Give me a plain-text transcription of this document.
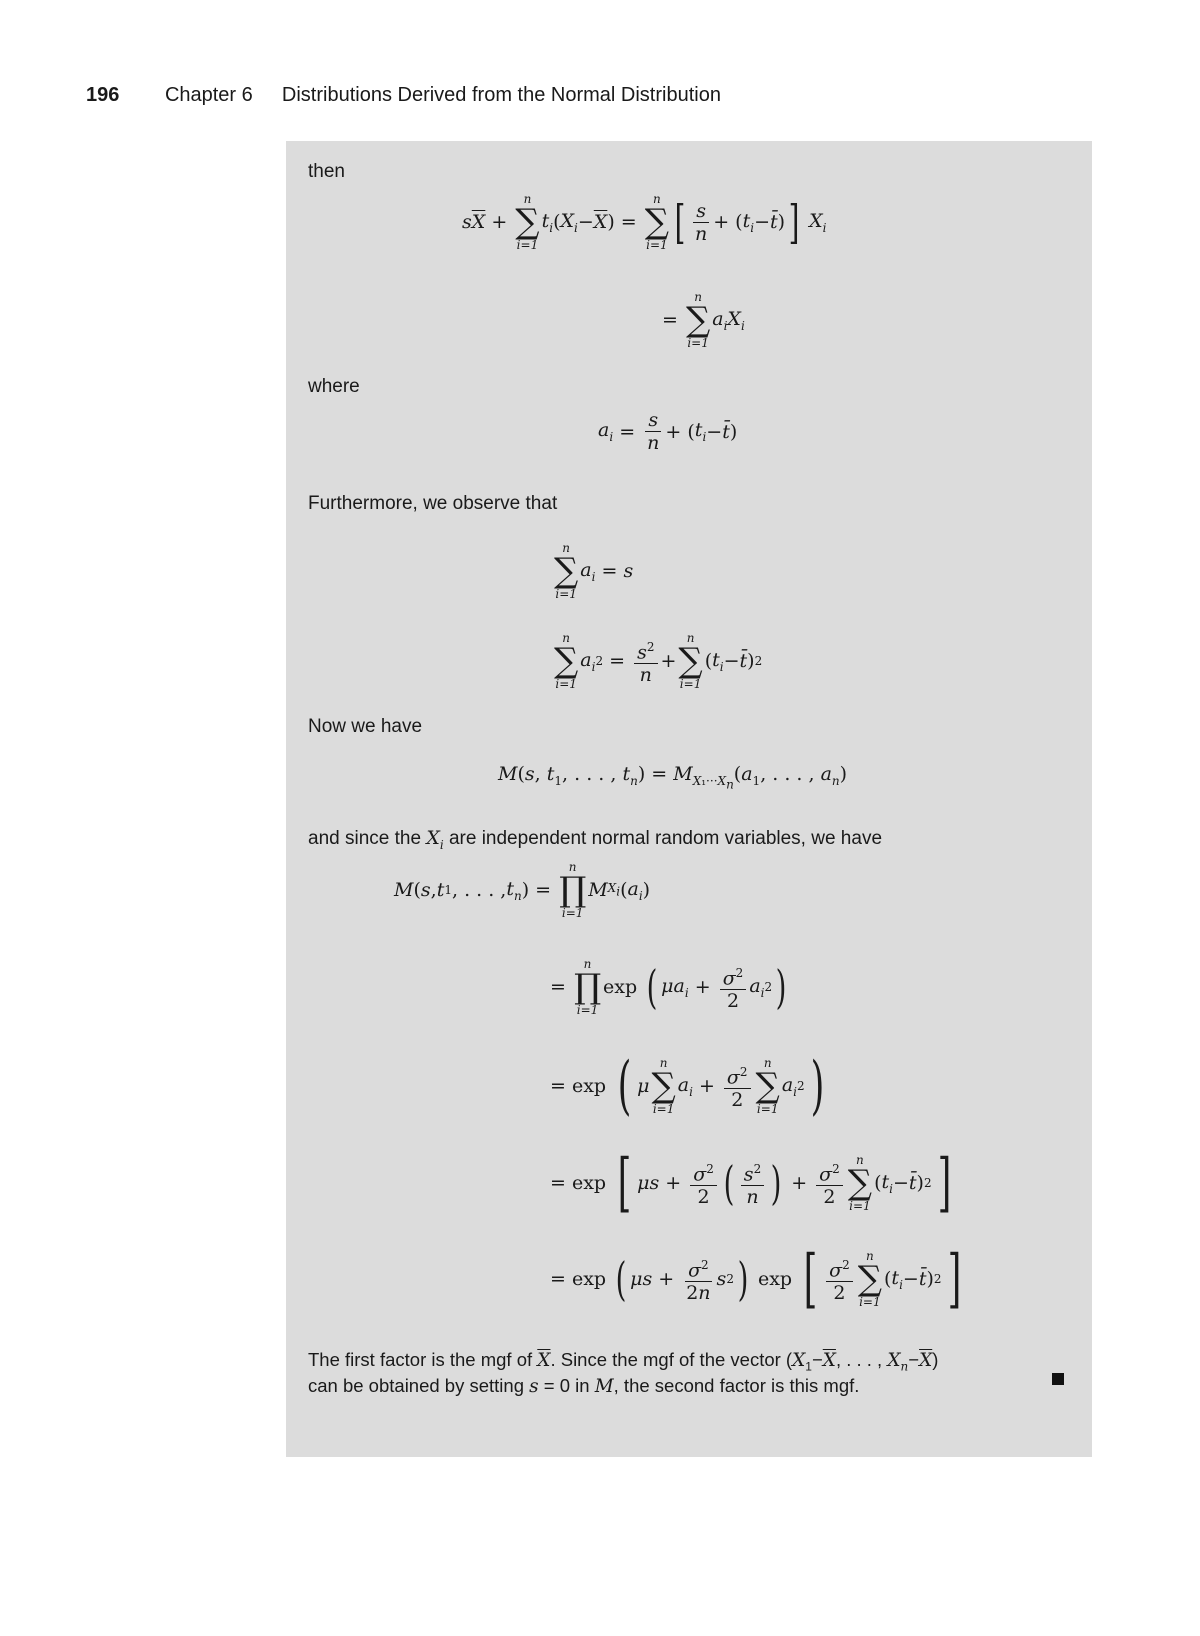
196 Chapter 6 Distributions Derived from the Normal Distribution
then
s $\overline{X}$ +
n
∑
i=1
$t_i$ ( $X_i - \overline{X}$ ) =
n
∑
i=1 [ $\frac{s}{n}$ + ( $t_i$ − t̄ ) ]
$X_i$
=
n
∑
i=1
$a_iX_i$
where
$a_i = \frac{s}{n}$ + ( $t_i$ − t̄ )
Furthermore, we observe that
n
∑
i=1
$a_i = s$
n
∑
i=1
$a_i$ $2 = \frac{s^2}{n}$ +
n
∑
i=1
( $t_i$ − t̄ ) 2
Now we have
M(s, $t_1$, . . . , $t_n) = M_{X_1\cdot\cdot\cdot X_n}(a_1$, . . . , $a_n$)
and since the $X_i$ are independent normal random variables, we have
M ( s , t 1 , . . . , $t_n$ ) =
n
∏
i=1
M $X_i$ ( $a_i$ )
=
n
∏
i=1
exp
( $\mu a_i + \frac{\sigma^2}{2} a_i$ 2 )
= exp
( μ
n
∑
i=1
$a_i + \frac{\sigma^2}{2}$ n
∑
i=1
$a_i$ 2 )
= exp
[ $\mu s + \frac{\sigma^2}{2}$ ( $\frac{s^2}{n}$ ) + $\frac{\sigma^2}{2}$ n
∑
i=1
( $t_i$ − t̄ ) 2 ]
= exp
( $\mu s + \frac{\sigma^2}{2n}$ s 2 )
exp
[ $\frac{\sigma^2}{2}$ n
∑
i=1
( $t_i$ − t̄ ) 2 ]
The first factor is the mgf of $\overline{X}$. Since the mgf of the vector ($X_1-\overline{X}$, . . . , $X_n-\overline{X}$)
can be obtained by setting s = 0 in M, the second factor is this mgf.
